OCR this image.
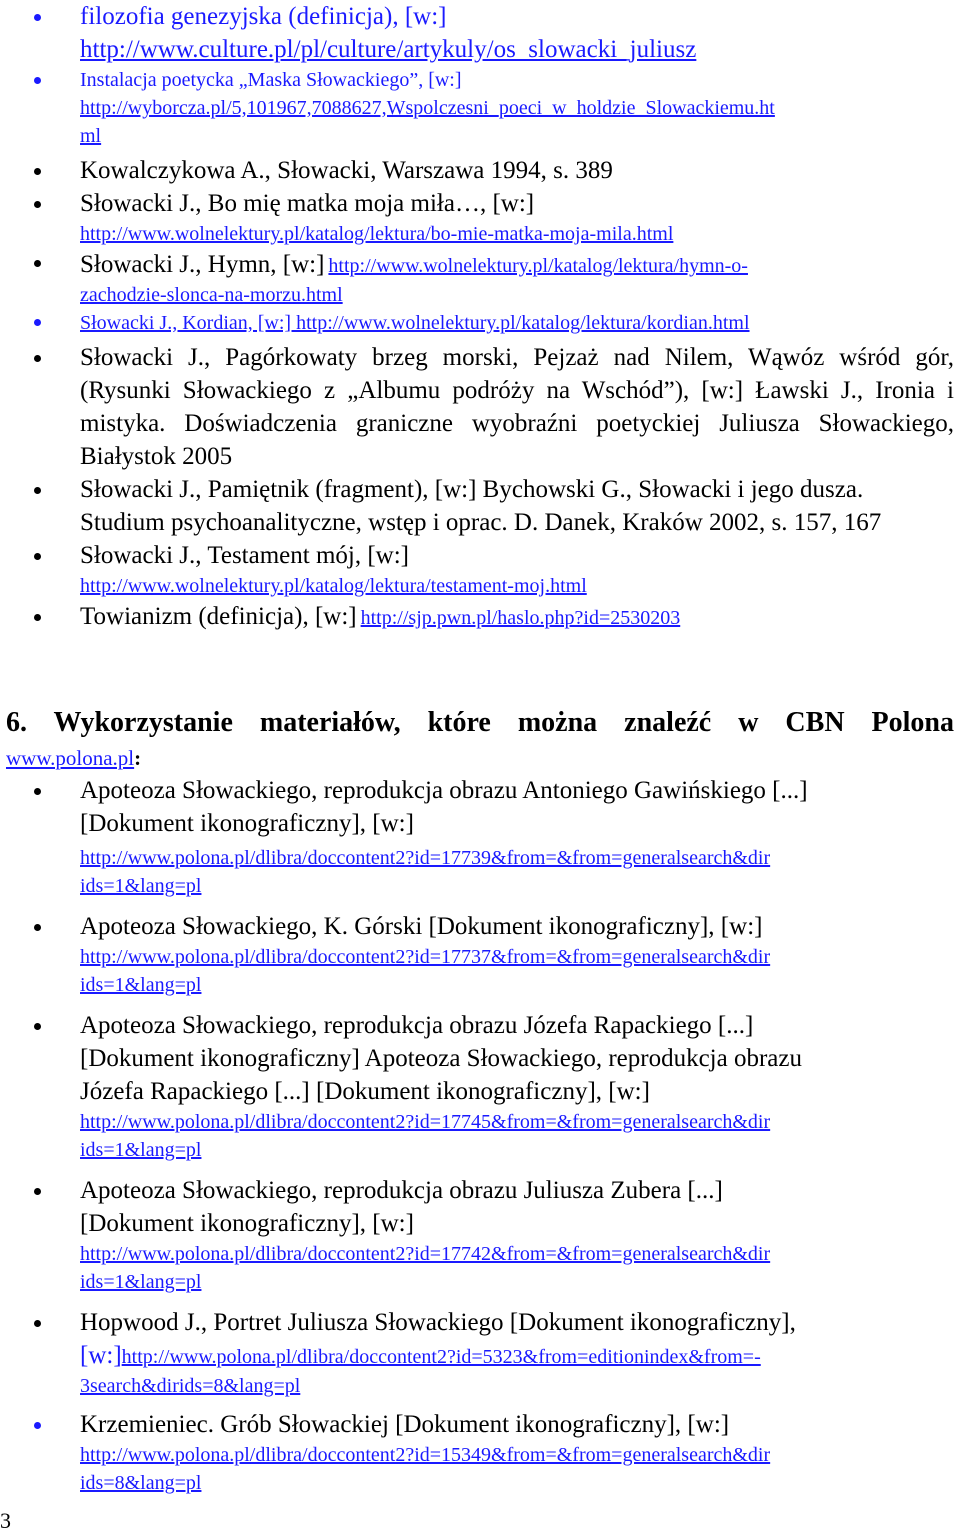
filozofia genezyjska (definicja), [w:]
http://www.culture.pl/pl/culture/artykuly/os_slowacki_juliusz
Instalacja poetycka „Maska Słowackiego”, [w:]
http://wyborcza.pl/5,101967,7088627,Wspolczesni_poeci_w_holdzie_Slowackiemu.ht
ml
Kowalczykowa A., Słowacki, Warszawa 1994, s. 389
Słowacki J., Bo mię matka moja miła…, [w:]
http://www.wolnelektury.pl/katalog/lektura/bo-mie-matka-moja-mila.html
Słowacki J., Hymn, [w:] http://www.wolnelektury.pl/katalog/lektura/hymn-o-
zachodzie-slonca-na-morzu.html
Słowacki J., Kordian, [w:] http://www.wolnelektury.pl/katalog/lektura/kordian.html
Słowacki J., Pagórkowaty brzeg morski, Pejzaż nad Nilem, Wąwóz wśród gór, (Rysunki Słowackiego z „Albumu podróży na Wschód”), [w:] Ławski J., Ironia i mistyka. Doświadczenia graniczne wyobraźni poetyckiej Juliusza Słowackiego, Białystok 2005
Słowacki J., Pamiętnik (fragment), [w:] Bychowski G., Słowacki i jego dusza. Studium psychoanalityczne, wstęp i oprac. D. Danek, Kraków 2002, s. 157, 167
Słowacki J., Testament mój, [w:]
http://www.wolnelektury.pl/katalog/lektura/testament-moj.html
Towianizm (definicja), [w:] http://sjp.pwn.pl/haslo.php?id=2530203
6. Wykorzystanie materiałów, które można znaleźć w CBN Polona
www.polona.pl:
Apoteoza Słowackiego, reprodukcja obrazu Antoniego Gawińskiego [...]
[Dokument ikonograficzny], [w:]
http://www.polona.pl/dlibra/doccontent2?id=17739&from=&from=generalsearch&dir
ids=1&lang=pl
Apoteoza Słowackiego, K. Górski [Dokument ikonograficzny], [w:]
http://www.polona.pl/dlibra/doccontent2?id=17737&from=&from=generalsearch&dir
ids=1&lang=pl
Apoteoza Słowackiego, reprodukcja obrazu Józefa Rapackiego [...]
[Dokument ikonograficzny] Apoteoza Słowackiego, reprodukcja obrazu
Józefa Rapackiego [...] [Dokument ikonograficzny], [w:]
http://www.polona.pl/dlibra/doccontent2?id=17745&from=&from=generalsearch&dir
ids=1&lang=pl
Apoteoza Słowackiego, reprodukcja obrazu Juliusza Zubera [...]
[Dokument ikonograficzny], [w:]
http://www.polona.pl/dlibra/doccontent2?id=17742&from=&from=generalsearch&dir
ids=1&lang=pl
Hopwood J., Portret Juliusza Słowackiego [Dokument ikonograficzny],
[w:]http://www.polona.pl/dlibra/doccontent2?id=5323&from=editionindex&from=-
3search&dirids=8&lang=pl
Krzemieniec. Grób Słowackiej [Dokument ikonograficzny], [w:]
http://www.polona.pl/dlibra/doccontent2?id=15349&from=&from=generalsearch&dir
ids=8&lang=pl
3
